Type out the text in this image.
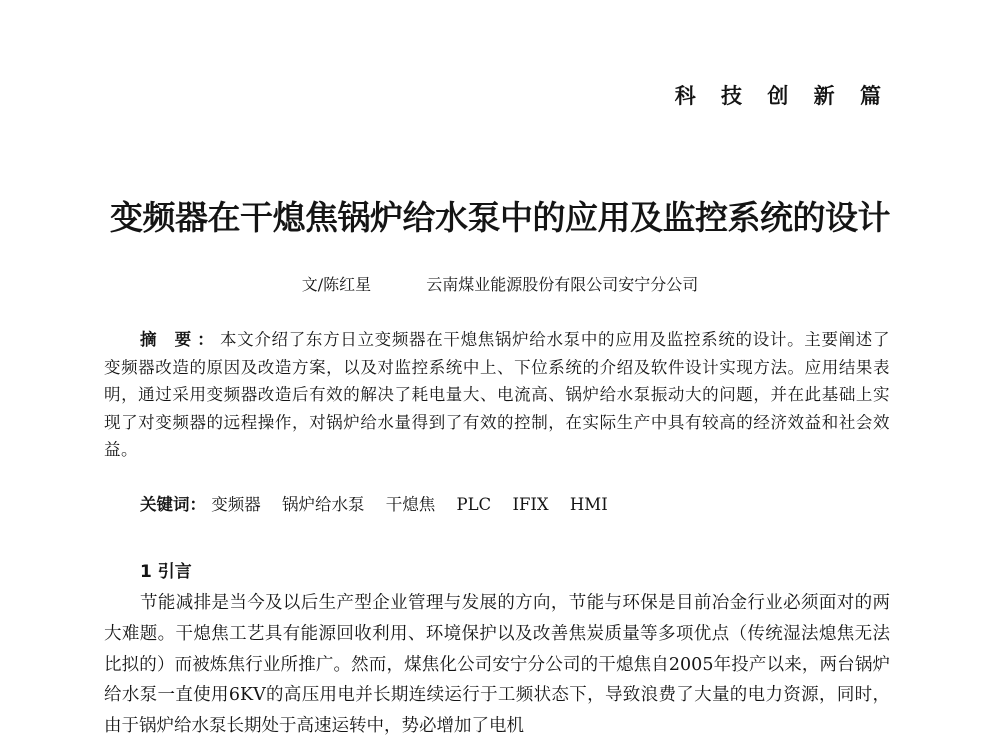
科 技 创 新 篇
变频器在干熄焦锅炉给水泵中的应用及监控系统的设计
文/陈红星	云南煤业能源股份有限公司安宁分公司

摘 要：本文介绍了东方日立变频器在干熄焦锅炉给水泵中的应用及监控系统的设计。主要阐述了变频器改造的原因及改造方案，以及对监控系统中上、下位系统的介绍及软件设计实现方法。应用结果表明，通过采用变频器改造后有效的解决了耗电量大、电流高、锅炉给水泵振动大的问题，并在此基础上实现了对变频器的远程操作，对锅炉给水量得到了有效的控制，在实际生产中具有较高的经济效益和社会效益。

关键词： 变频器 锅炉给水泵 干熄焦 PLC IFIX HMI
1 引言

节能减排是当今及以后生产型企业管理与发展的方向，节能与环保是目前冶金行业必须面对的两大难题。干熄焦工艺具有能源回收利用、环境保护以及改善焦炭质量等多项优点（传统湿法熄焦无法比拟的）而被炼焦行业所推广。然而，煤焦化公司安宁分公司的干熄焦自2005年投产以来，两台锅炉给水泵一直使用6KV的高压用电并长期连续运行于工频状态下，导致浪费了大量的电力资源，同时，由于锅炉给水泵长期处于高速运转中，势必增加了电机
